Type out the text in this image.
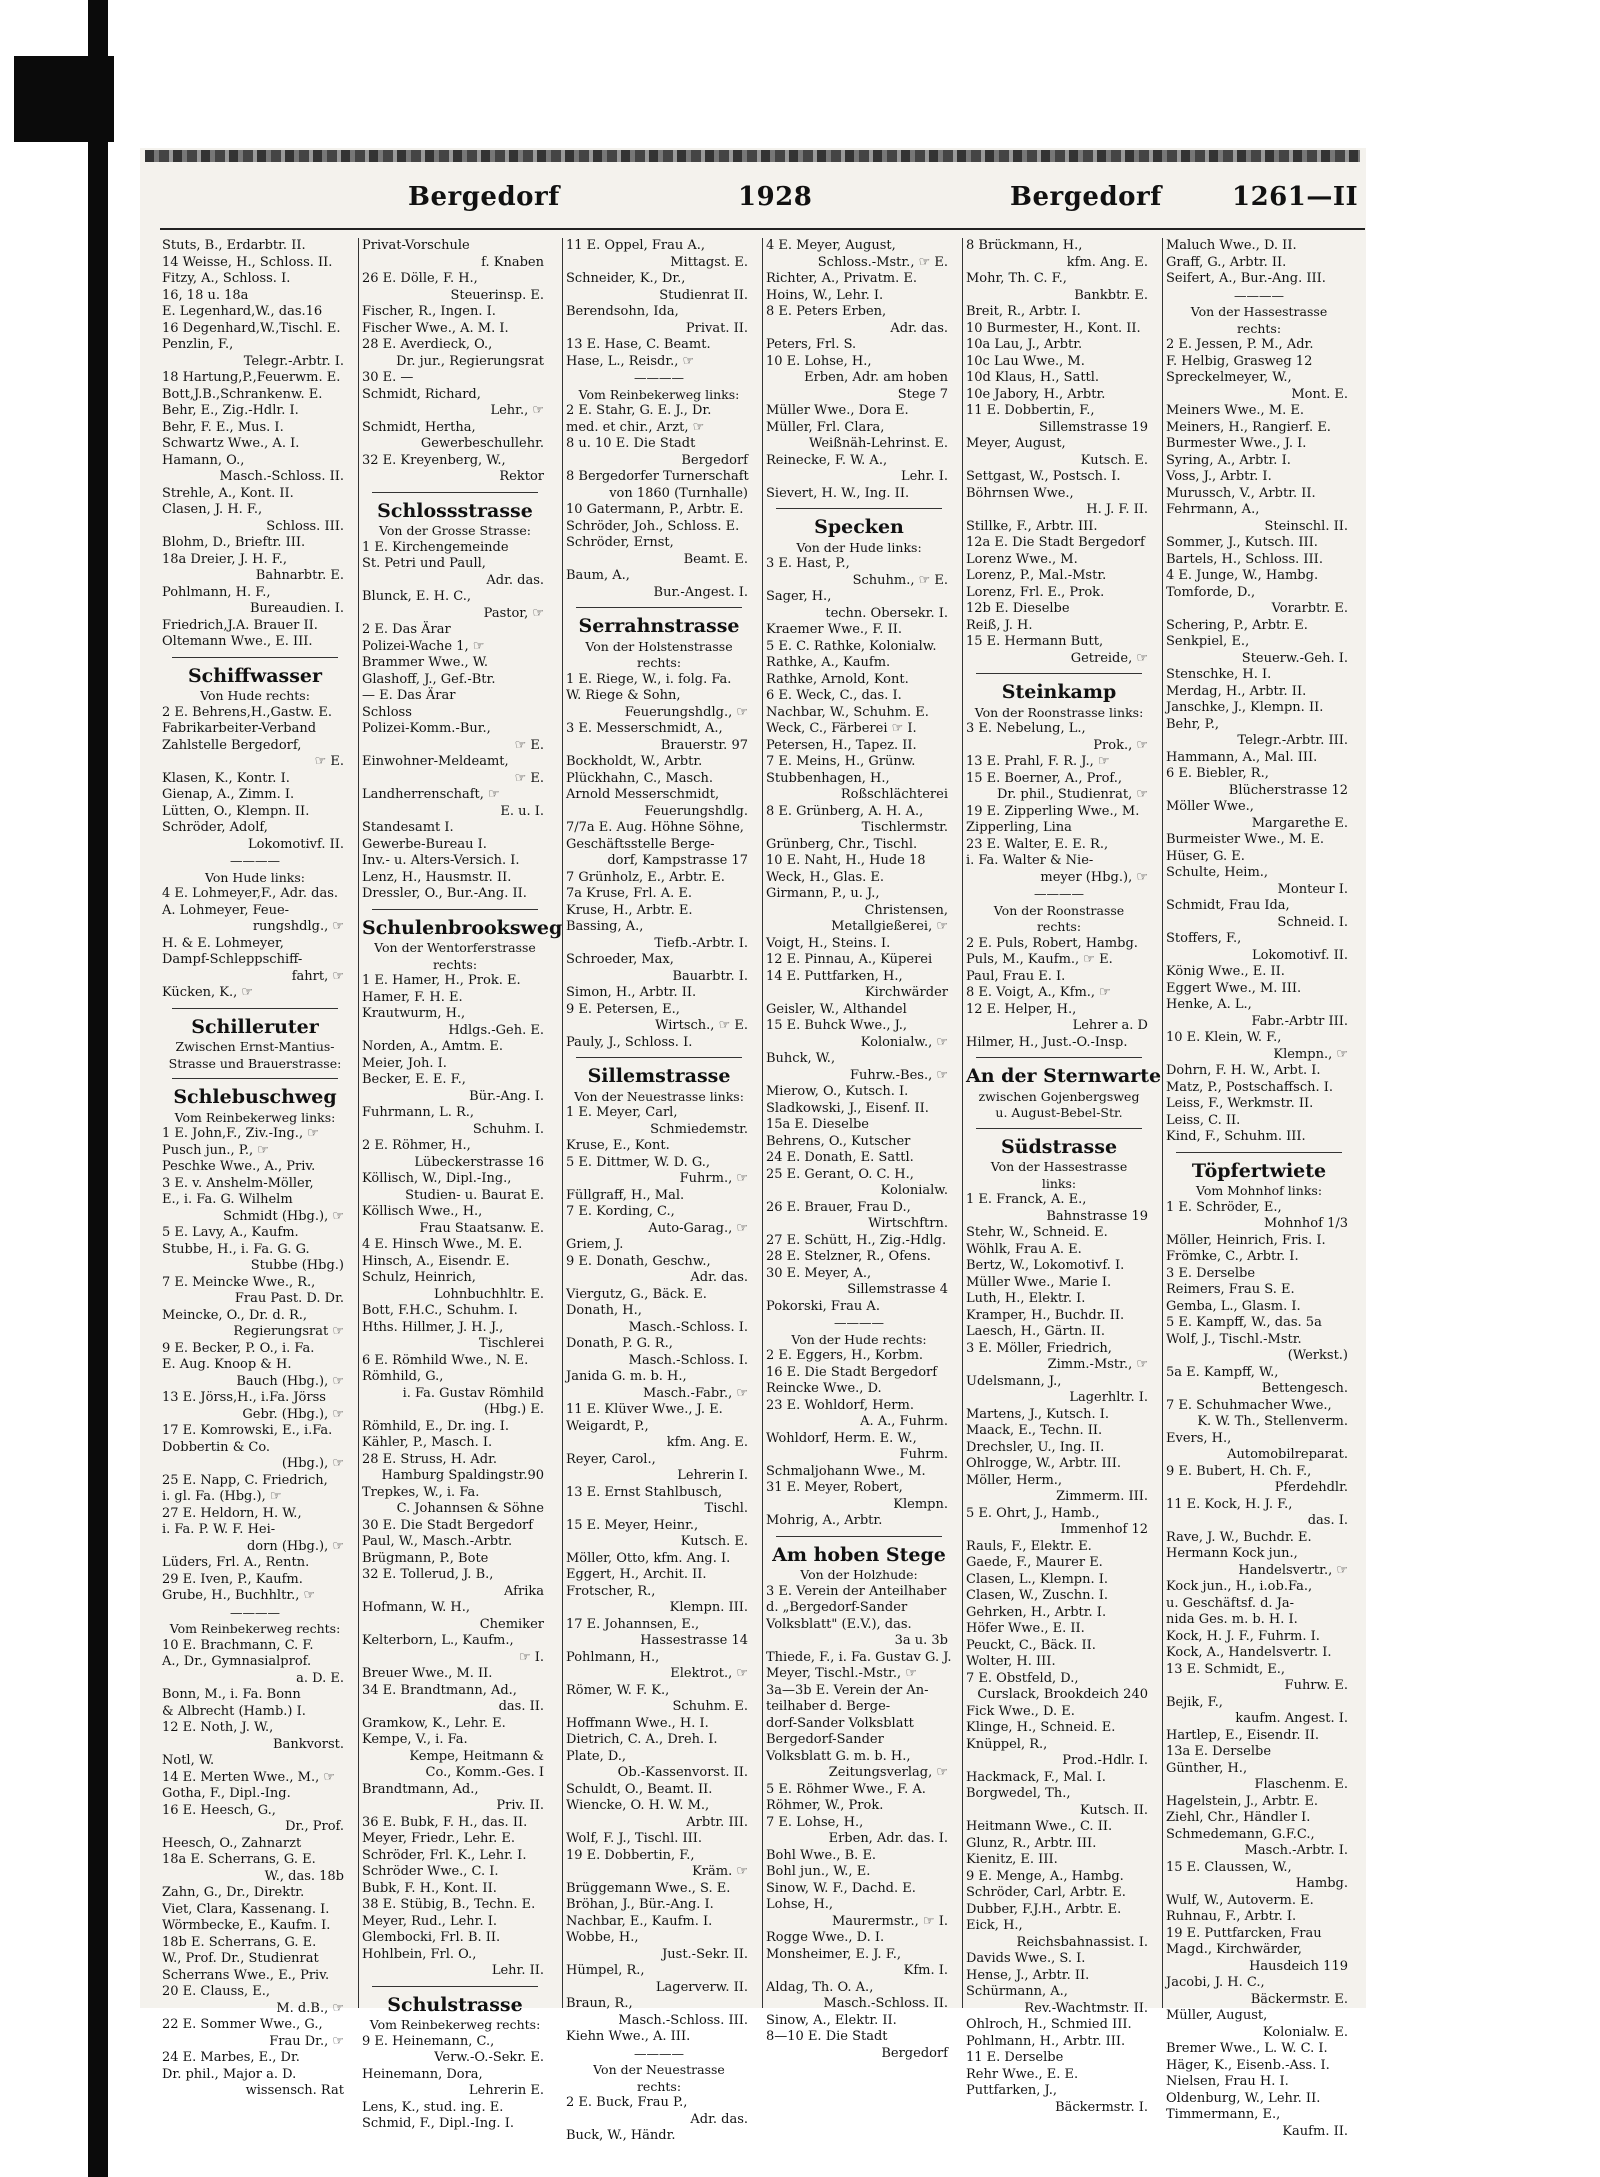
Bergedorf	1928	Bergedorf	1261—II
Stuts, B., Erdarbtr. II.
14 Weisse, H., Schloss. II.
Fitzy, A., Schloss. I.
16, 18 u. 18a
E. Legenhard,W., das.16
16 Degenhard,W.,Tischl. E.
Penzlin, F.,
Telegr.-Arbtr. I.
18 Hartung,P.,Feuerwm. E.
Bott,J.B.,Schrankenw. E.
Behr, E., Zig.-Hdlr. I.
Behr, F. E., Mus. I.
Schwartz Wwe., A. I.
Hamann, O.,
Masch.-Schloss. II.
Strehle, A., Kont. II.
Clasen, J. H. F.,
Schloss. III.
Blohm, D., Brieftr. III.
18a Dreier, J. H. F.,
Bahnarbtr. E.
Pohlmann, H. F.,
Bureaudien. I.
Friedrich,J.A. Brauer II.
Oltemann Wwe., E. III.
Schiffwasser
Von Hude rechts:
2 E. Behrens,H.,Gastw. E.
Fabrikarbeiter-Verband
Zahlstelle Bergedorf,
☞ E.
Klasen, K., Kontr. I.
Gienap, A., Zimm. I.
Lütten, O., Klempn. II.
Schröder, Adolf,
Lokomotivf. II.
————
Von Hude links:
4 E. Lohmeyer,F., Adr. das.
A. Lohmeyer, Feue-
rungshdlg., ☞
H. & E. Lohmeyer,
Dampf-Schleppschiff-
fahrt, ☞
Kücken, K., ☞
Schilleruter
Zwischen Ernst-Mantius-
Strasse und Brauerstrasse:
Schlebuschweg
Vom Reinbekerweg links:
1 E. John,F., Ziv.-Ing., ☞
Pusch jun., P., ☞
Peschke Wwe., A., Priv.
3 E. v. Anshelm-Möller,
E., i. Fa. G. Wilhelm
Schmidt (Hbg.), ☞
5 E. Lavy, A., Kaufm.
Stubbe, H., i. Fa. G. G.
Stubbe (Hbg.)
7 E. Meincke Wwe., R.,
Frau Past. D. Dr.
Meincke, O., Dr. d. R.,
Regierungsrat ☞
9 E. Becker, P. O., i. Fa.
E. Aug. Knoop & H.
Bauch (Hbg.), ☞
13 E. Jörss,H., i.Fa. Jörss
Gebr. (Hbg.), ☞
17 E. Komrowski, E., i.Fa.
Dobbertin & Co.
(Hbg.), ☞
25 E. Napp, C. Friedrich,
i. gl. Fa. (Hbg.), ☞
27 E. Heldorn, H. W.,
i. Fa. P. W. F. Hei-
dorn (Hbg.), ☞
Lüders, Frl. A., Rentn.
29 E. Iven, P., Kaufm.
Grube, H., Buchhltr., ☞
————
Vom Reinbekerweg rechts:
10 E. Brachmann, C. F.
A., Dr., Gymnasialprof.
a. D. E.
Bonn, M., i. Fa. Bonn
& Albrecht (Hamb.) I.
12 E. Noth, J. W.,
Bankvorst.
Notl, W.
14 E. Merten Wwe., M., ☞
Gotha, F., Dipl.-Ing.
16 E. Heesch, G.,
Dr., Prof.
Heesch, O., Zahnarzt
18a E. Scherrans, G. E.
W., das. 18b
Zahn, G., Dr., Direktr.
Viet, Clara, Kassenang. I.
Wörmbecke, E., Kaufm. I.
18b E. Scherrans, G. E.
W., Prof. Dr., Studienrat
Scherrans Wwe., E., Priv.
20 E. Clauss, E.,
M. d.B., ☞
22 E. Sommer Wwe., G.,
Frau Dr., ☞
24 E. Marbes, E., Dr.
Dr. phil., Major a. D.
wissensch. Rat
Privat-Vorschule
f. Knaben
26 E. Dölle, F. H.,
Steuerinsp. E.
Fischer, R., Ingen. I.
Fischer Wwe., A. M. I.
28 E. Averdieck, O.,
Dr. jur., Regierungsrat
30 E. —
Schmidt, Richard,
Lehr., ☞
Schmidt, Hertha,
Gewerbeschullehr.
32 E. Kreyenberg, W.,
Rektor
Schlossstrasse
Von der Grosse Strasse:
1 E. Kirchengemeinde
St. Petri und Paull,
Adr. das.
Blunck, E. H. C.,
Pastor, ☞
2 E. Das Ärar
Polizei-Wache 1, ☞
Brammer Wwe., W.
Glashoff, J., Gef.-Btr.
— E. Das Ärar
Schloss
Polizei-Komm.-Bur.,
☞ E.
Einwohner-Meldeamt,
☞ E.
Landherrenschaft, ☞
E. u. I.
Standesamt I.
Gewerbe-Bureau I.
Inv.- u. Alters-Versich. I.
Lenz, H., Hausmstr. II.
Dressler, O., Bur.-Ang. II.
Schulenbrooksweg
Von der Wentorferstrasse
rechts:
1 E. Hamer, H., Prok. E.
Hamer, F. H. E.
Krautwurm, H.,
Hdlgs.-Geh. E.
Norden, A., Amtm. E.
Meier, Joh. I.
Becker, E. E. F.,
Bür.-Ang. I.
Fuhrmann, L. R.,
Schuhm. I.
2 E. Röhmer, H.,
Lübeckerstrasse 16
Köllisch, W., Dipl.-Ing.,
Studien- u. Baurat E.
Köllisch Wwe., H.,
Frau Staatsanw. E.
4 E. Hinsch Wwe., M. E.
Hinsch, A., Eisendr. E.
Schulz, Heinrich,
Lohnbuchhltr. E.
Bott, F.H.C., Schuhm. I.
Hths. Hillmer, J. H. J.,
Tischlerei
6 E. Römhild Wwe., N. E.
Römhild, G.,
i. Fa. Gustav Römhild
(Hbg.) E.
Römhild, E., Dr. ing. I.
Kähler, P., Masch. I.
28 E. Struss, H. Adr.
Hamburg Spaldingstr.90
Trepkes, W., i. Fa.
C. Johannsen & Söhne
30 E. Die Stadt Bergedorf
Paul, W., Masch.-Arbtr.
Brügmann, P., Bote
32 E. Tollerud, J. B.,
Afrika
Hofmann, W. H.,
Chemiker
Kelterborn, L., Kaufm.,
☞ I.
Breuer Wwe., M. II.
34 E. Brandtmann, Ad.,
das. II.
Gramkow, K., Lehr. E.
Kempe, V., i. Fa.
Kempe, Heitmann &
Co., Komm.-Ges. I
Brandtmann, Ad.,
Priv. II.
36 E. Bubk, F. H., das. II.
Meyer, Friedr., Lehr. E.
Schröder, Frl. K., Lehr. I.
Schröder Wwe., C. I.
Bubk, F. H., Kont. II.
38 E. Stübig, B., Techn. E.
Meyer, Rud., Lehr. I.
Glembocki, Frl. B. II.
Hohlbein, Frl. O.,
Lehr. II.
Schulstrasse
Vom Reinbekerweg rechts:
9 E. Heinemann, C.,
Verw.-O.-Sekr. E.
Heinemann, Dora,
Lehrerin E.
Lens, K., stud. ing. E.
Schmid, F., Dipl.-Ing. I.
11 E. Oppel, Frau A.,
Mittagst. E.
Schneider, K., Dr.,
Studienrat II.
Berendsohn, Ida,
Privat. II.
13 E. Hase, C. Beamt.
Hase, L., Reisdr., ☞
————
Vom Reinbekerweg links:
2 E. Stahr, G. E. J., Dr.
med. et chir., Arzt, ☞
8 u. 10 E. Die Stadt
Bergedorf
8 Bergedorfer Turnerschaft
von 1860 (Turnhalle)
10 Gatermann, P., Arbtr. E.
Schröder, Joh., Schloss. E.
Schröder, Ernst,
Beamt. E.
Baum, A.,
Bur.-Angest. I.
Serrahnstrasse
Von der Holstenstrasse
rechts:
1 E. Riege, W., i. folg. Fa.
W. Riege & Sohn,
Feuerungshdlg., ☞
3 E. Messerschmidt, A.,
Brauerstr. 97
Bockholdt, W., Arbtr.
Plückhahn, C., Masch.
Arnold Messerschmidt,
Feuerungshdlg.
7/7a E. Aug. Höhne Söhne,
Geschäftsstelle Berge-
dorf, Kampstrasse 17
7 Grünholz, E., Arbtr. E.
7a Kruse, Frl. A. E.
Kruse, H., Arbtr. E.
Bassing, A.,
Tiefb.-Arbtr. I.
Schroeder, Max,
Bauarbtr. I.
Simon, H., Arbtr. II.
9 E. Petersen, E.,
Wirtsch., ☞ E.
Pauly, J., Schloss. I.
Sillemstrasse
Von der Neuestrasse links:
1 E. Meyer, Carl,
Schmiedemstr.
Kruse, E., Kont.
5 E. Dittmer, W. D. G.,
Fuhrm., ☞
Füllgraff, H., Mal.
7 E. Kording, C.,
Auto-Garag., ☞
Griem, J.
9 E. Donath, Geschw.,
Adr. das.
Viergutz, G., Bäck. E.
Donath, H.,
Masch.-Schloss. I.
Donath, P. G. R.,
Masch.-Schloss. I.
Janida G. m. b. H.,
Masch.-Fabr., ☞
11 E. Klüver Wwe., J. E.
Weigardt, P.,
kfm. Ang. E.
Reyer, Carol.,
Lehrerin I.
13 E. Ernst Stahlbusch,
Tischl.
15 E. Meyer, Heinr.,
Kutsch. E.
Möller, Otto, kfm. Ang. I.
Eggert, H., Archit. II.
Frotscher, R.,
Klempn. III.
17 E. Johannsen, E.,
Hassestrasse 14
Pohlmann, H.,
Elektrot., ☞
Römer, W. F. K.,
Schuhm. E.
Hoffmann Wwe., H. I.
Dietrich, C. A., Dreh. I.
Plate, D.,
Ob.-Kassenvorst. II.
Schuldt, O., Beamt. II.
Wiencke, O. H. W. M.,
Arbtr. III.
Wolf, F. J., Tischl. III.
19 E. Dobbertin, F.,
Kräm. ☞
Brüggemann Wwe., S. E.
Bröhan, J., Bür.-Ang. I.
Nachbar, E., Kaufm. I.
Wobbe, H.,
Just.-Sekr. II.
Hümpel, R.,
Lagerverw. II.
Braun, R.,
Masch.-Schloss. III.
Kiehn Wwe., A. III.
————
Von der Neuestrasse
rechts:
2 E. Buck, Frau P.,
Adr. das.
Buck, W., Händr.
4 E. Meyer, August,
Schloss.-Mstr., ☞ E.
Richter, A., Privatm. E.
Hoins, W., Lehr. I.
8 E. Peters Erben,
Adr. das.
Peters, Frl. S.
10 E. Lohse, H.,
Erben, Adr. am hoben
Stege 7
Müller Wwe., Dora E.
Müller, Frl. Clara,
Weißnäh-Lehrinst. E.
Reinecke, F. W. A.,
Lehr. I.
Sievert, H. W., Ing. II.
Specken
Von der Hude links:
3 E. Hast, P.,
Schuhm., ☞ E.
Sager, H.,
techn. Obersekr. I.
Kraemer Wwe., F. II.
5 E. C. Rathke, Kolonialw.
Rathke, A., Kaufm.
Rathke, Arnold, Kont.
6 E. Weck, C., das. I.
Nachbar, W., Schuhm. E.
Weck, C., Färberei ☞ I.
Petersen, H., Tapez. II.
7 E. Meins, H., Grünw.
Stubbenhagen, H.,
Roßschlächterei
8 E. Grünberg, A. H. A.,
Tischlermstr.
Grünberg, Chr., Tischl.
10 E. Naht, H., Hude 18
Weck, H., Glas. E.
Girmann, P., u. J.,
Christensen,
Metallgießerei, ☞
Voigt, H., Steins. I.
12 E. Pinnau, A., Küperei
14 E. Puttfarken, H.,
Kirchwärder
Geisler, W., Althandel
15 E. Buhck Wwe., J.,
Kolonialw., ☞
Buhck, W.,
Fuhrw.-Bes., ☞
Mierow, O., Kutsch. I.
Sladkowski, J., Eisenf. II.
15a E. Dieselbe
Behrens, O., Kutscher
24 E. Donath, E. Sattl.
25 E. Gerant, O. C. H.,
Kolonialw.
26 E. Brauer, Frau D.,
Wirtschftrn.
27 E. Schütt, H., Zig.-Hdlg.
28 E. Stelzner, R., Ofens.
30 E. Meyer, A.,
Sillemstrasse 4
Pokorski, Frau A.
————
Von der Hude rechts:
2 E. Eggers, H., Korbm.
16 E. Die Stadt Bergedorf
Reincke Wwe., D.
23 E. Wohldorf, Herm.
A. A., Fuhrm.
Wohldorf, Herm. E. W.,
Fuhrm.
Schmaljohann Wwe., M.
31 E. Meyer, Robert,
Klempn.
Mohrig, A., Arbtr.
Am hoben Stege
Von der Holzhude:
3 E. Verein der Anteilhaber
d. „Bergedorf-Sander
Volksblatt" (E.V.), das.
3a u. 3b
Thiede, F., i. Fa. Gustav G. J.
Meyer, Tischl.-Mstr., ☞
3a—3b E. Verein der An-
teilhaber d. Berge-
dorf-Sander Volksblatt
Bergedorf-Sander
Volksblatt G. m. b. H.,
Zeitungsverlag, ☞
5 E. Röhmer Wwe., F. A.
Röhmer, W., Prok.
7 E. Lohse, H.,
Erben, Adr. das. I.
Bohl Wwe., B. E.
Bohl jun., W., E.
Sinow, W. F., Dachd. E.
Lohse, H.,
Maurermstr., ☞ I.
Rogge Wwe., D. I.
Monsheimer, E. J. F.,
Kfm. I.
Aldag, Th. O. A.,
Masch.-Schloss. II.
Sinow, A., Elektr. II.
8—10 E. Die Stadt
Bergedorf
8 Brückmann, H.,
kfm. Ang. E.
Mohr, Th. C. F.,
Bankbtr. E.
Breit, R., Arbtr. I.
10 Burmester, H., Kont. II.
10a Lau, J., Arbtr.
10c Lau Wwe., M.
10d Klaus, H., Sattl.
10e Jabory, H., Arbtr.
11 E. Dobbertin, F.,
Sillemstrasse 19
Meyer, August,
Kutsch. E.
Settgast, W., Postsch. I.
Böhrnsen Wwe.,
H. J. F. II.
Stillke, F., Arbtr. III.
12a E. Die Stadt Bergedorf
Lorenz Wwe., M.
Lorenz, P., Mal.-Mstr.
Lorenz, Frl. E., Prok.
12b E. Dieselbe
Reiß, J. H.
15 E. Hermann Butt,
Getreide, ☞
Steinkamp
Von der Roonstrasse links:
3 E. Nebelung, L.,
Prok., ☞
13 E. Prahl, F. R. J., ☞
15 E. Boerner, A., Prof.,
Dr. phil., Studienrat, ☞
19 E. Zipperling Wwe., M.
Zipperling, Lina
23 E. Walter, E. E. R.,
i. Fa. Walter & Nie-
meyer (Hbg.), ☞
————
Von der Roonstrasse
rechts:
2 E. Puls, Robert, Hambg.
Puls, M., Kaufm., ☞ E.
Paul, Frau E. I.
8 E. Voigt, A., Kfm., ☞
12 E. Helper, H.,
Lehrer a. D
Hilmer, H., Just.-O.-Insp.
An der Sternwarte
zwischen Gojenbergsweg
u. August-Bebel-Str.
Südstrasse
Von der Hassestrasse
links:
1 E. Franck, A. E.,
Bahnstrasse 19
Stehr, W., Schneid. E.
Wöhlk, Frau A. E.
Bertz, W., Lokomotivf. I.
Müller Wwe., Marie I.
Luth, H., Elektr. I.
Kramper, H., Buchdr. II.
Laesch, H., Gärtn. II.
3 E. Möller, Friedrich,
Zimm.-Mstr., ☞
Udelsmann, J.,
Lagerhltr. I.
Martens, J., Kutsch. I.
Maack, E., Techn. II.
Drechsler, U., Ing. II.
Ohlrogge, W., Arbtr. III.
Möller, Herm.,
Zimmerm. III.
5 E. Ohrt, J., Hamb.,
Immenhof 12
Rauls, F., Elektr. E.
Gaede, F., Maurer E.
Clasen, L., Klempn. I.
Clasen, W., Zuschn. I.
Gehrken, H., Arbtr. I.
Höfer Wwe., E. II.
Peuckt, C., Bäck. II.
Wolter, H. III.
7 E. Obstfeld, D.,
Curslack, Brookdeich 240
Fick Wwe., D. E.
Klinge, H., Schneid. E.
Knüppel, R.,
Prod.-Hdlr. I.
Hackmack, F., Mal. I.
Borgwedel, Th.,
Kutsch. II.
Heitmann Wwe., C. II.
Glunz, R., Arbtr. III.
Kienitz, E. III.
9 E. Menge, A., Hambg.
Schröder, Carl, Arbtr. E.
Dubber, F.J.H., Arbtr. E.
Eick, H.,
Reichsbahnassist. I.
Davids Wwe., S. I.
Hense, J., Arbtr. II.
Schürmann, A.,
Rev.-Wachtmstr. II.
Ohlroch, H., Schmied III.
Pohlmann, H., Arbtr. III.
11 E. Derselbe
Rehr Wwe., E. E.
Puttfarken, J.,
Bäckermstr. I.
Maluch Wwe., D. II.
Graff, G., Arbtr. II.
Seifert, A., Bur.-Ang. III.
————
Von der Hassestrasse
rechts:
2 E. Jessen, P. M., Adr.
F. Helbig, Grasweg 12
Spreckelmeyer, W.,
Mont. E.
Meiners Wwe., M. E.
Meiners, H., Rangierf. E.
Burmester Wwe., J. I.
Syring, A., Arbtr. I.
Voss, J., Arbtr. I.
Murussch, V., Arbtr. II.
Fehrmann, A.,
Steinschl. II.
Sommer, J., Kutsch. III.
Bartels, H., Schloss. III.
4 E. Junge, W., Hambg.
Tomforde, D.,
Vorarbtr. E.
Schering, P., Arbtr. E.
Senkpiel, E.,
Steuerw.-Geh. I.
Stenschke, H. I.
Merdag, H., Arbtr. II.
Janschke, J., Klempn. II.
Behr, P.,
Telegr.-Arbtr. III.
Hammann, A., Mal. III.
6 E. Biebler, R.,
Blücherstrasse 12
Möller Wwe.,
Margarethe E.
Burmeister Wwe., M. E.
Hüser, G. E.
Schulte, Heim.,
Monteur I.
Schmidt, Frau Ida,
Schneid. I.
Stoffers, F.,
Lokomotivf. II.
König Wwe., E. II.
Eggert Wwe., M. III.
Henke, A. L.,
Fabr.-Arbtr III.
10 E. Klein, W. F.,
Klempn., ☞
Dohrn, F. H. W., Arbt. I.
Matz, P., Postschaffsch. I.
Leiss, F., Werkmstr. II.
Leiss, C. II.
Kind, F., Schuhm. III.
Töpfertwiete
Vom Mohnhof links:
1 E. Schröder, E.,
Mohnhof 1/3
Möller, Heinrich, Fris. I.
Frömke, C., Arbtr. I.
3 E. Derselbe
Reimers, Frau S. E.
Gemba, L., Glasm. I.
5 E. Kampff, W., das. 5a
Wolf, J., Tischl.-Mstr.
(Werkst.)
5a E. Kampff, W.,
Bettengesch.
7 E. Schuhmacher Wwe.,
K. W. Th., Stellenverm.
Evers, H.,
Automobilreparat.
9 E. Bubert, H. Ch. F.,
Pferdehdlr.
11 E. Kock, H. J. F.,
das. I.
Rave, J. W., Buchdr. E.
Hermann Kock jun.,
Handelsvertr., ☞
Kock jun., H., i.ob.Fa.,
u. Geschäftsf. d. Ja-
nida Ges. m. b. H. I.
Kock, H. J. F., Fuhrm. I.
Kock, A., Handelsvertr. I.
13 E. Schmidt, E.,
Fuhrw. E.
Bejik, F.,
kaufm. Angest. I.
Hartlep, E., Eisendr. II.
13a E. Derselbe
Günther, H.,
Flaschenm. E.
Hagelstein, J., Arbtr. E.
Ziehl, Chr., Händler I.
Schmedemann, G.F.C.,
Masch.-Arbtr. I.
15 E. Claussen, W.,
Hambg.
Wulf, W., Autoverm. E.
Ruhnau, F., Arbtr. I.
19 E. Puttfarcken, Frau
Magd., Kirchwärder,
Hausdeich 119
Jacobi, J. H. C.,
Bäckermstr. E.
Müller, August,
Kolonialw. E.
Bremer Wwe., L. W. C. I.
Häger, K., Eisenb.-Ass. I.
Nielsen, Frau H. I.
Oldenburg, W., Lehr. II.
Timmermann, E.,
Kaufm. II.
